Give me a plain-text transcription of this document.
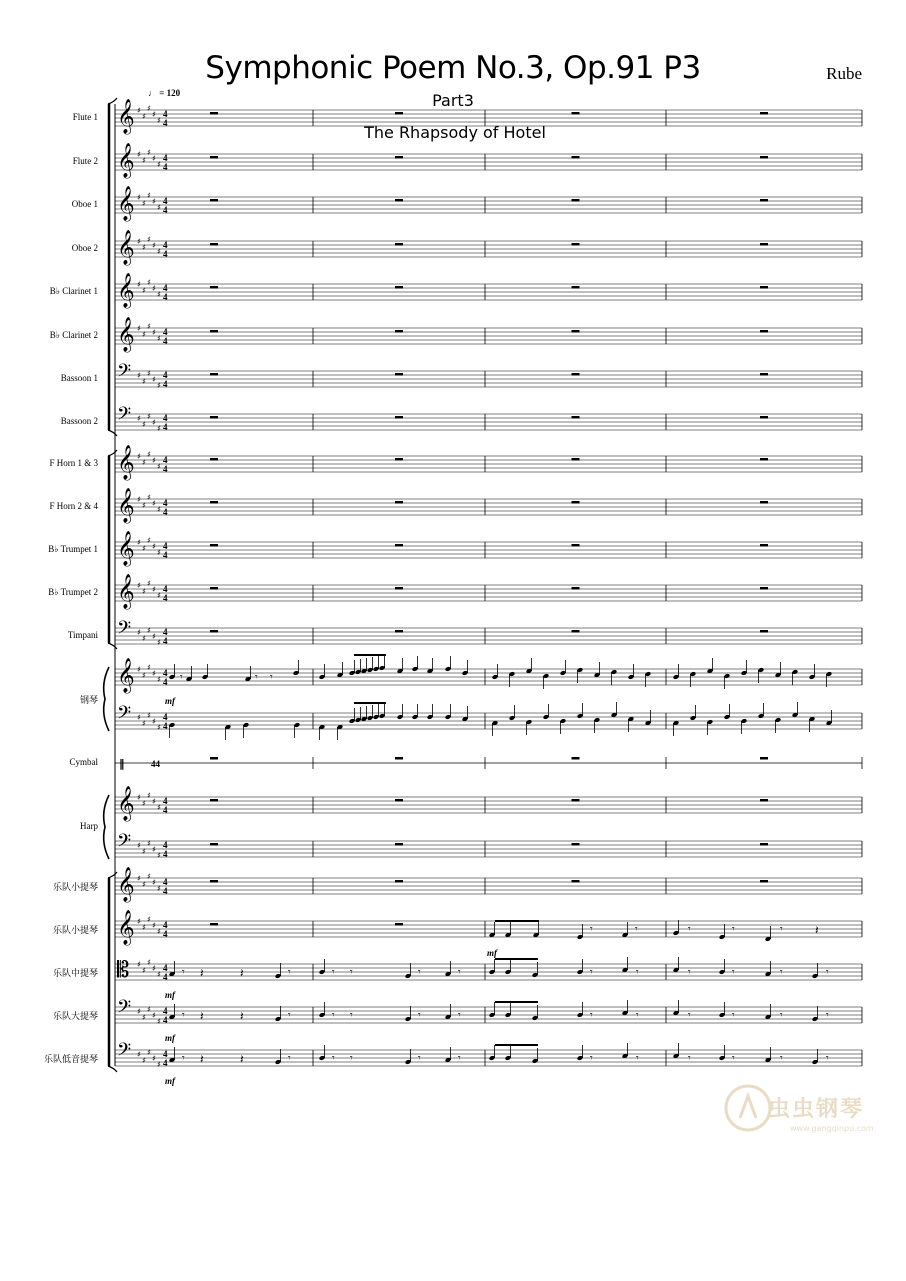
Symphonic Poem No.3, Op.91 P3
Part3
The Rhapsody of Hotel
Rube
♩ = 120
Flute 1
Flute 2
Oboe 1
Oboe 2
B♭ Clarinet 1
B♭ Clarinet 2
Bassoon 1
Bassoon 2
F Horn 1 & 3
F Horn 2 & 4
B♭ Trumpet 1
B♭ Trumpet 2
Timpani
钢琴
Cymbal
Harp
乐队小提琴
乐队小提琴
乐队中提琴
乐队大提琴
乐队低音提琴
𝄞 ♯
♯
♯
♯
♯
4
4
𝄞 ♯
♯
♯
♯
♯
4
4
𝄞 ♯
♯
♯
♯
♯
4
4
𝄞 ♯
♯
♯
♯
♯
4
4
𝄞 ♯
♯
♯
♯
♯
4
4
𝄞 ♯
♯
♯
♯
♯
4
4
𝄢 ♯
♯
♯
♯
♯
4
4
𝄢 ♯
♯
♯
♯
♯
4
4
𝄞 ♯
♯
♯
♯
♯
4
4
𝄞 ♯
♯
♯
♯
♯
4
4
𝄞 ♯
♯
♯
♯
♯
4
4
𝄞 ♯
♯
♯
♯
♯
4
4
𝄢 ♯
♯
♯
♯
♯
4
4
𝄞 ♯
♯
♯
♯
♯
4
4
𝄢 ♯
♯
♯
♯
♯
4
4
‖	44
𝄞 ♯
♯
♯
♯
♯
4
4
𝄢 ♯
♯
♯
♯
♯
4
4
𝄞 ♯
♯
♯
♯
♯
4
4
𝄞 ♯
♯
♯
♯
♯
4
4
𝄡 ♯
♯
♯
♯
♯
4
4
𝄢 ♯
♯
♯
♯
♯
4
4
𝄢 ♯
♯
♯
♯
♯
4
4
𝄾	𝄾 𝄾
mf
𝄾	𝄾	𝄾	𝄾	𝄾	𝄽
mf
𝄾 𝄽	𝄽	𝄾	𝄾 𝄾	𝄾	𝄾	𝄾	𝄾	𝄾	𝄾	𝄾	𝄾
mf
𝄾 𝄽	𝄽	𝄾	𝄾 𝄾	𝄾	𝄾	𝄾	𝄾	𝄾	𝄾	𝄾	𝄾
mf
𝄾 𝄽	𝄽	𝄾	𝄾 𝄾	𝄾	𝄾	𝄾	𝄾	𝄾	𝄾	𝄾	𝄾
mf
虫虫钢琴
www.gangqinpu.com
